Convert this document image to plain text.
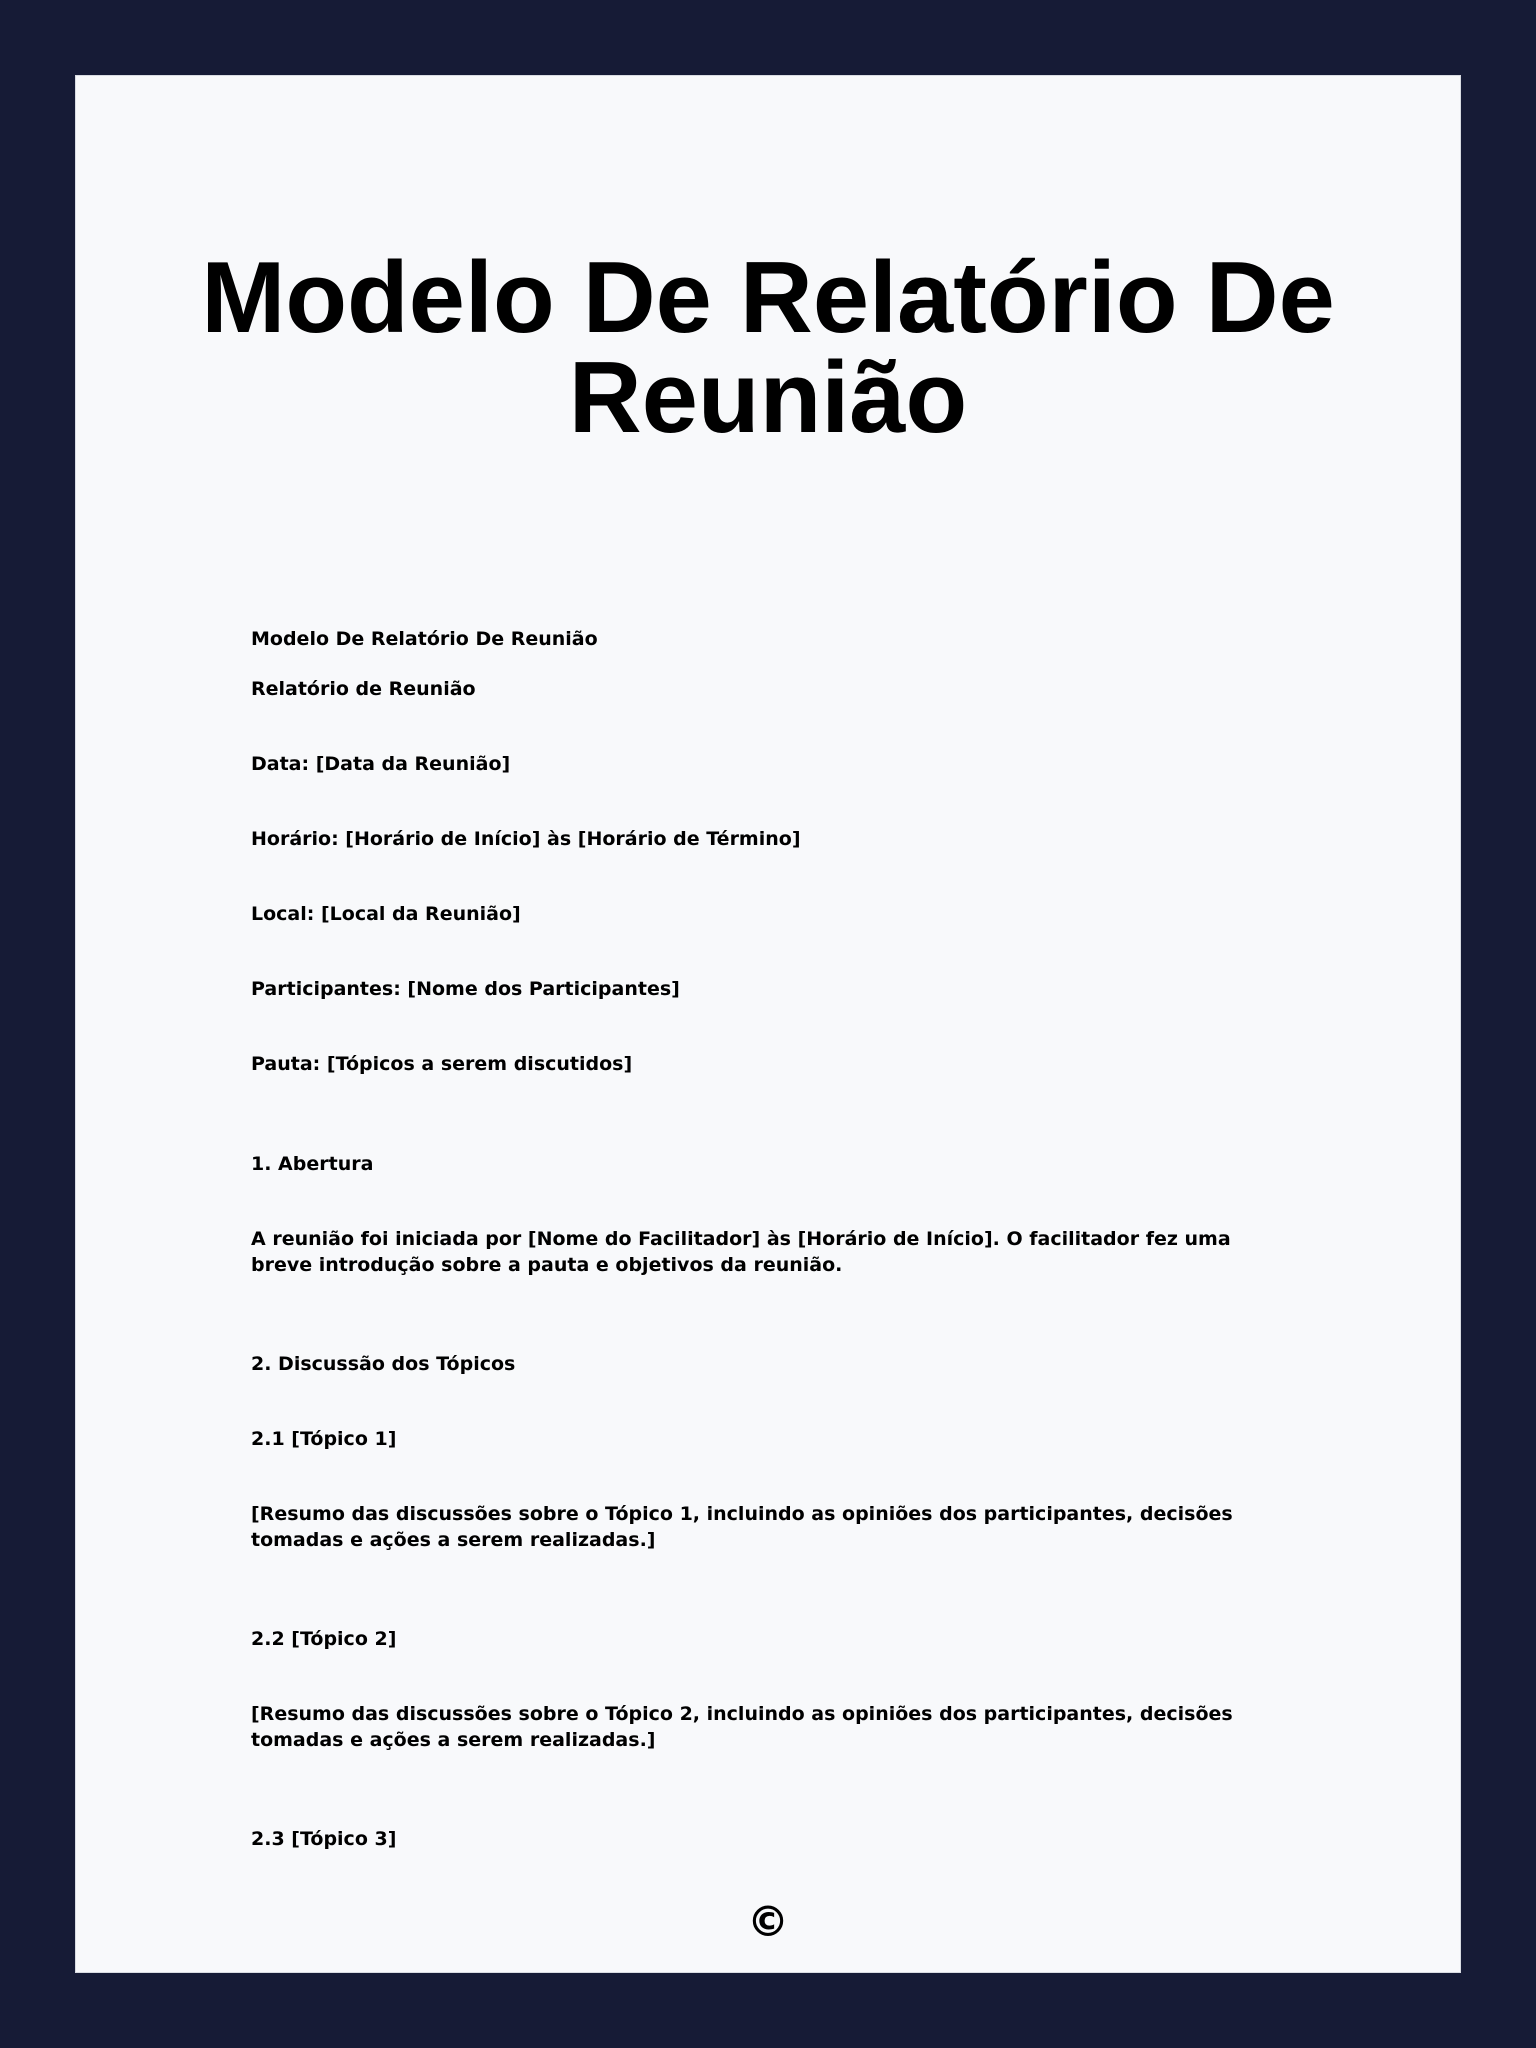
Modelo De Relatório De Reunião

Modelo De Relatório De Reunião

Relatório de Reunião

Data: [Data da Reunião]

Horário: [Horário de Início] às [Horário de Término]

Local: [Local da Reunião]

Participantes: [Nome dos Participantes]

Pauta: [Tópicos a serem discutidos]

1. Abertura

A reunião foi iniciada por [Nome do Facilitador] às [Horário de Início]. O facilitador fez uma breve introdução sobre a pauta e objetivos da reunião.

2. Discussão dos Tópicos

2.1 [Tópico 1]

[Resumo das discussões sobre o Tópico 1, incluindo as opiniões dos participantes, decisões tomadas e ações a serem realizadas.]

2.2 [Tópico 2]

[Resumo das discussões sobre o Tópico 2, incluindo as opiniões dos participantes, decisões tomadas e ações a serem realizadas.]

2.3 [Tópico 3]

©
